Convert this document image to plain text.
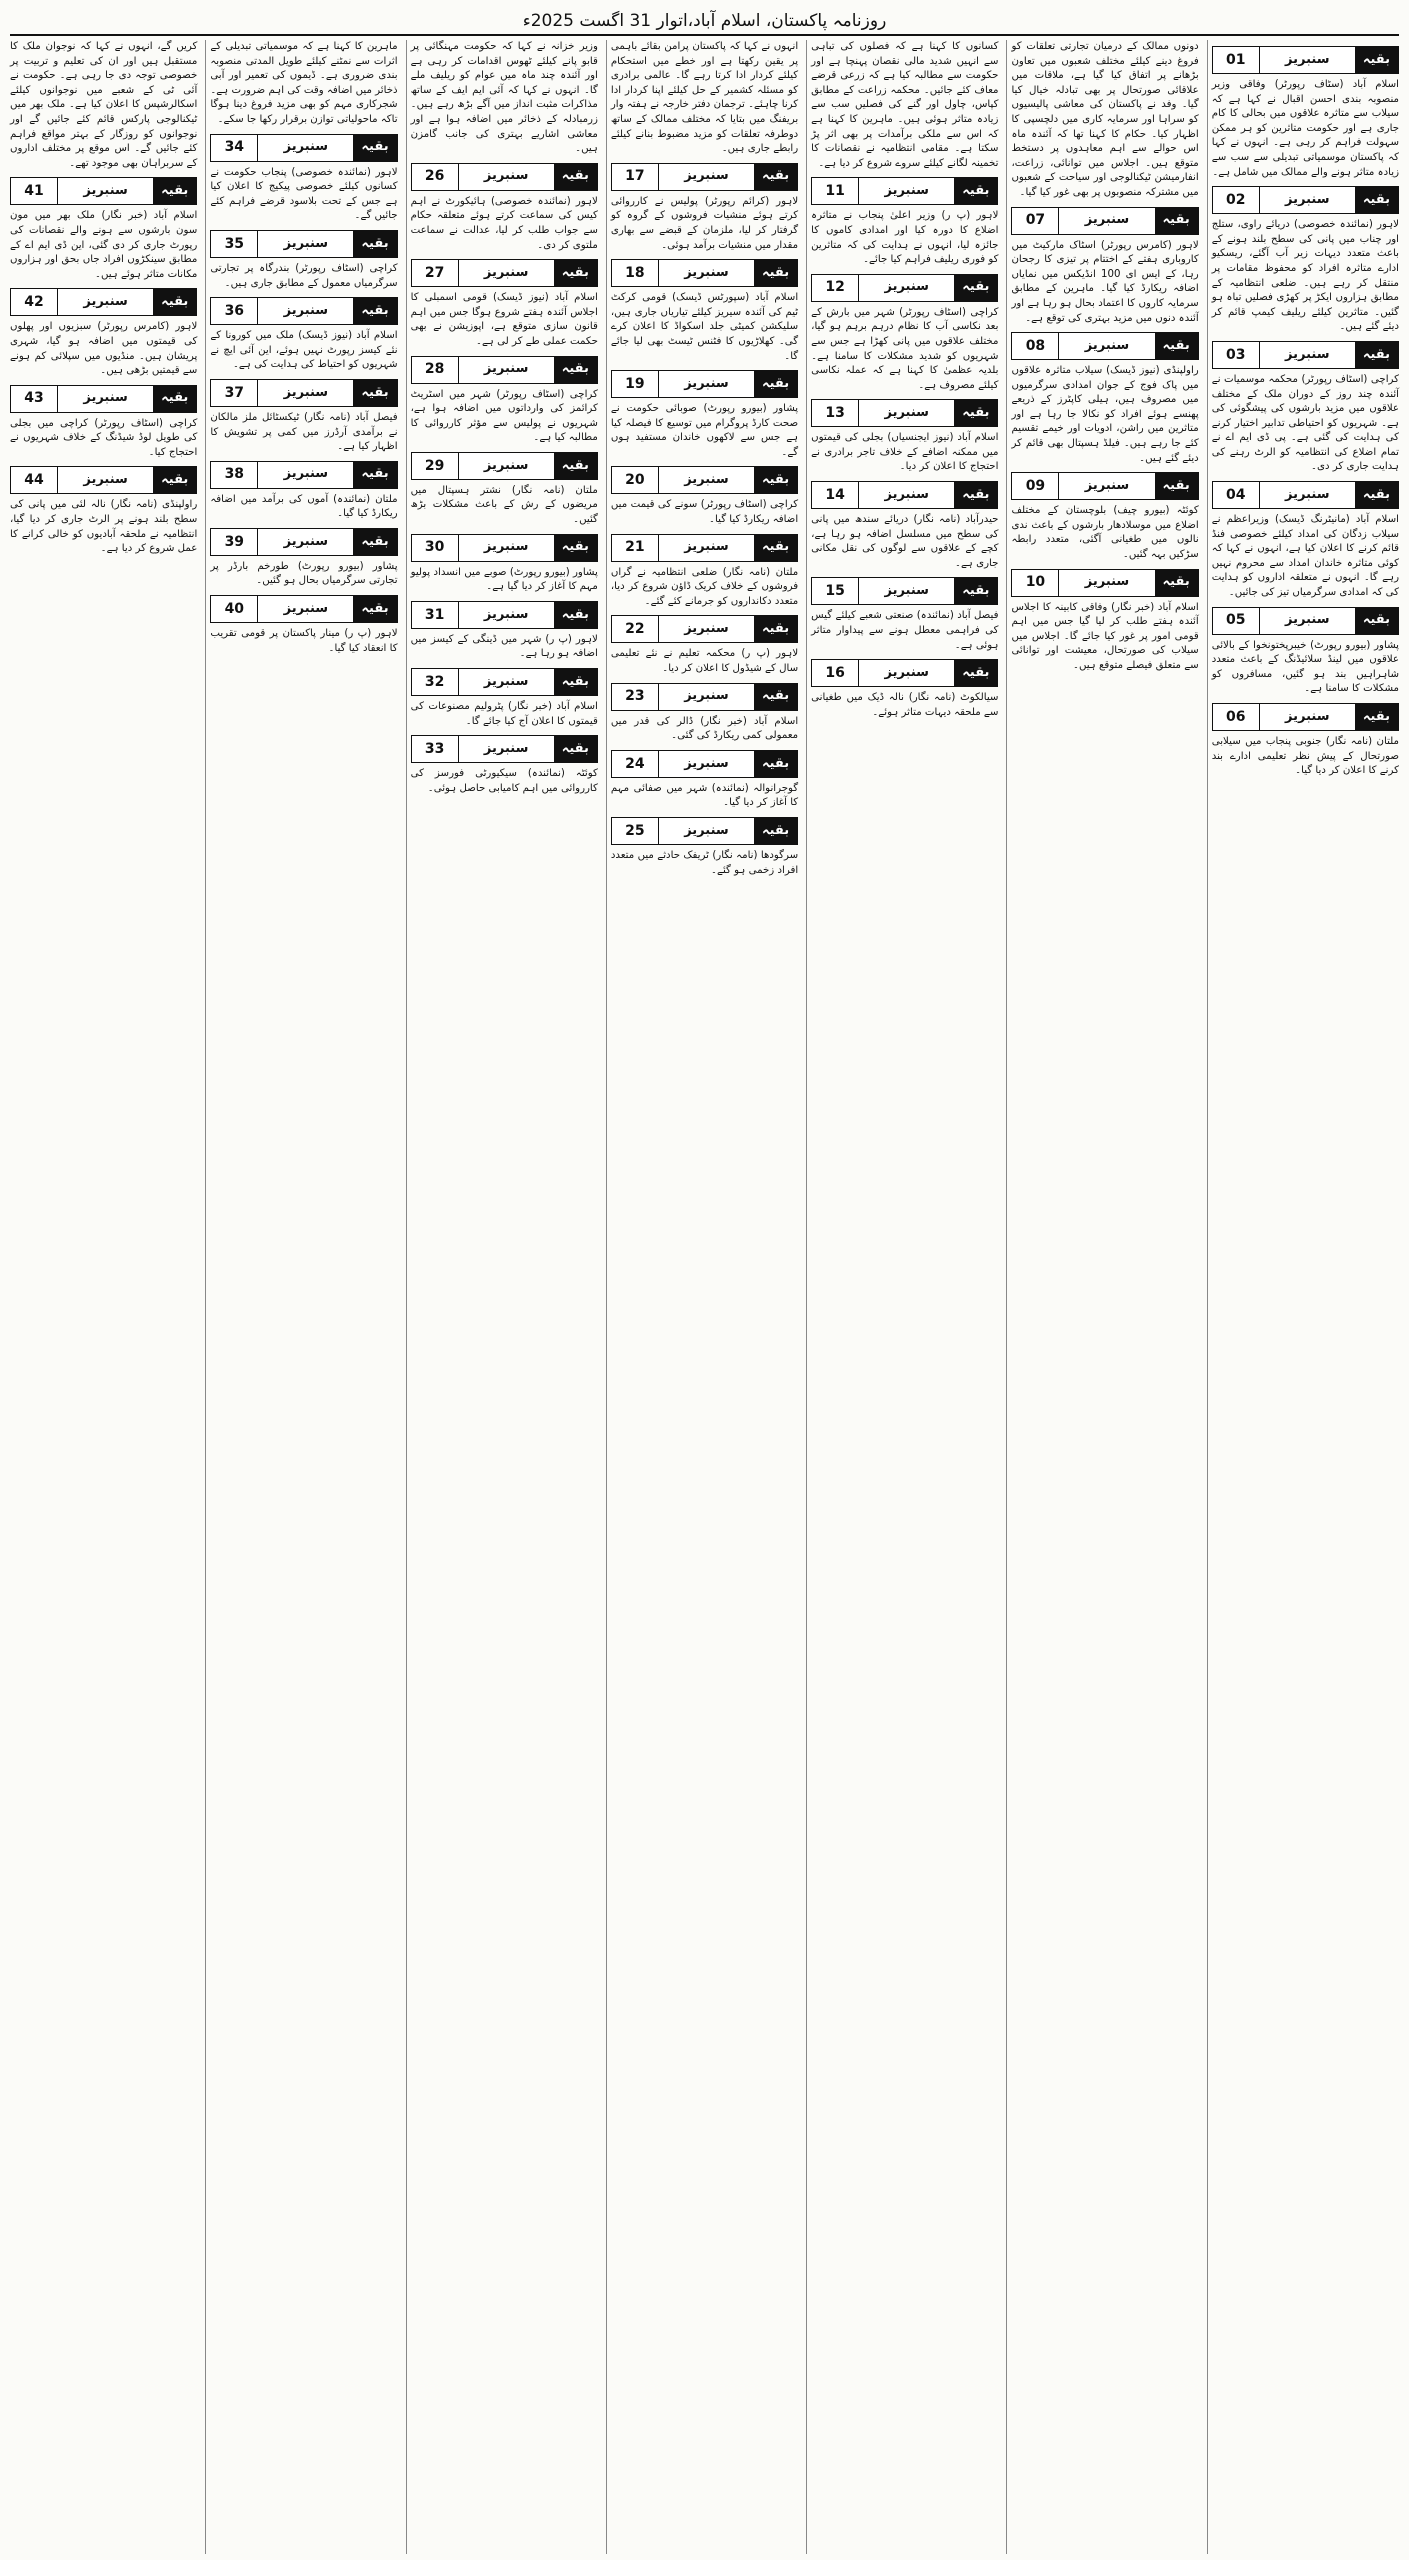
روزنامہ پاکستان، اسلام آباد،اتوار 31 اگست 2025ء
بقیہ
سنبریز
01

اسلام آباد (سٹاف رپورٹر) وفاقی وزیر منصوبہ بندی احسن اقبال نے کہا ہے کہ سیلاب سے متاثرہ علاقوں میں بحالی کا کام جاری ہے اور حکومت متاثرین کو ہر ممکن سہولت فراہم کر رہی ہے۔ انہوں نے کہا کہ پاکستان موسمیاتی تبدیلی سے سب سے زیادہ متاثر ہونے والے ممالک میں شامل ہے۔

بقیہ
سنبریز
02

لاہور (نمائندہ خصوصی) دریائے راوی، ستلج اور چناب میں پانی کی سطح بلند ہونے کے باعث متعدد دیہات زیر آب آگئے، ریسکیو ادارے متاثرہ افراد کو محفوظ مقامات پر منتقل کر رہے ہیں۔ ضلعی انتظامیہ کے مطابق ہزاروں ایکڑ پر کھڑی فصلیں تباہ ہو گئیں۔ متاثرین کیلئے ریلیف کیمپ قائم کر دیئے گئے ہیں۔

بقیہ
سنبریز
03

کراچی (اسٹاف رپورٹر) محکمہ موسمیات نے آئندہ چند روز کے دوران ملک کے مختلف علاقوں میں مزید بارشوں کی پیشگوئی کی ہے۔ شہریوں کو احتیاطی تدابیر اختیار کرنے کی ہدایت کی گئی ہے۔ پی ڈی ایم اے نے تمام اضلاع کی انتظامیہ کو الرٹ رہنے کی ہدایت جاری کر دی۔

بقیہ
سنبریز
04

اسلام آباد (مانیٹرنگ ڈیسک) وزیراعظم نے سیلاب زدگان کی امداد کیلئے خصوصی فنڈ قائم کرنے کا اعلان کیا ہے، انہوں نے کہا کہ کوئی متاثرہ خاندان امداد سے محروم نہیں رہے گا۔ انہوں نے متعلقہ اداروں کو ہدایت کی کہ امدادی سرگرمیاں تیز کی جائیں۔

بقیہ
سنبریز
05

پشاور (بیورو رپورٹ) خیبرپختونخوا کے بالائی علاقوں میں لینڈ سلائیڈنگ کے باعث متعدد شاہراہیں بند ہو گئیں، مسافروں کو مشکلات کا سامنا ہے۔

بقیہ
سنبریز
06

ملتان (نامہ نگار) جنوبی پنجاب میں سیلابی صورتحال کے پیش نظر تعلیمی ادارے بند کرنے کا اعلان کر دیا گیا۔

دونوں ممالک کے درمیان تجارتی تعلقات کو فروغ دینے کیلئے مختلف شعبوں میں تعاون بڑھانے پر اتفاق کیا گیا ہے، ملاقات میں علاقائی صورتحال پر بھی تبادلہ خیال کیا گیا۔ وفد نے پاکستان کی معاشی پالیسیوں کو سراہا اور سرمایہ کاری میں دلچسپی کا اظہار کیا۔ حکام کا کہنا تھا کہ آئندہ ماہ اس حوالے سے اہم معاہدوں پر دستخط متوقع ہیں۔ اجلاس میں توانائی، زراعت، انفارمیشن ٹیکنالوجی اور سیاحت کے شعبوں میں مشترکہ منصوبوں پر بھی غور کیا گیا۔

بقیہ
سنبریز
07

لاہور (کامرس رپورٹر) اسٹاک مارکیٹ میں کاروباری ہفتے کے اختتام پر تیزی کا رجحان رہا، کے ایس ای 100 انڈیکس میں نمایاں اضافہ ریکارڈ کیا گیا۔ ماہرین کے مطابق سرمایہ کاروں کا اعتماد بحال ہو رہا ہے اور آئندہ دنوں میں مزید بہتری کی توقع ہے۔

بقیہ
سنبریز
08

راولپنڈی (نیوز ڈیسک) سیلاب متاثرہ علاقوں میں پاک فوج کے جوان امدادی سرگرمیوں میں مصروف ہیں، ہیلی کاپٹرز کے ذریعے پھنسے ہوئے افراد کو نکالا جا رہا ہے اور متاثرین میں راشن، ادویات اور خیمے تقسیم کئے جا رہے ہیں۔ فیلڈ ہسپتال بھی قائم کر دیئے گئے ہیں۔

بقیہ
سنبریز
09

کوئٹہ (بیورو چیف) بلوچستان کے مختلف اضلاع میں موسلادھار بارشوں کے باعث ندی نالوں میں طغیانی آگئی، متعدد رابطہ سڑکیں بہہ گئیں۔

بقیہ
سنبریز
10

اسلام آباد (خبر نگار) وفاقی کابینہ کا اجلاس آئندہ ہفتے طلب کر لیا گیا جس میں اہم قومی امور پر غور کیا جائے گا۔ اجلاس میں سیلاب کی صورتحال، معیشت اور توانائی سے متعلق فیصلے متوقع ہیں۔

کسانوں کا کہنا ہے کہ فصلوں کی تباہی سے انہیں شدید مالی نقصان پہنچا ہے اور حکومت سے مطالبہ کیا ہے کہ زرعی قرضے معاف کئے جائیں۔ محکمہ زراعت کے مطابق کپاس، چاول اور گنے کی فصلیں سب سے زیادہ متاثر ہوئی ہیں۔ ماہرین کا کہنا ہے کہ اس سے ملکی برآمدات پر بھی اثر پڑ سکتا ہے۔ مقامی انتظامیہ نے نقصانات کا تخمینہ لگانے کیلئے سروے شروع کر دیا ہے۔

بقیہ
سنبریز
11

لاہور (پ ر) وزیر اعلیٰ پنجاب نے متاثرہ اضلاع کا دورہ کیا اور امدادی کاموں کا جائزہ لیا، انہوں نے ہدایت کی کہ متاثرین کو فوری ریلیف فراہم کیا جائے۔

بقیہ
سنبریز
12

کراچی (اسٹاف رپورٹر) شہر میں بارش کے بعد نکاسی آب کا نظام درہم برہم ہو گیا، مختلف علاقوں میں پانی کھڑا ہے جس سے شہریوں کو شدید مشکلات کا سامنا ہے۔ بلدیہ عظمیٰ کا کہنا ہے کہ عملہ نکاسی کیلئے مصروف ہے۔

بقیہ
سنبریز
13

اسلام آباد (نیوز ایجنسیاں) بجلی کی قیمتوں میں ممکنہ اضافے کے خلاف تاجر برادری نے احتجاج کا اعلان کر دیا۔

بقیہ
سنبریز
14

حیدرآباد (نامہ نگار) دریائے سندھ میں پانی کی سطح میں مسلسل اضافہ ہو رہا ہے، کچے کے علاقوں سے لوگوں کی نقل مکانی جاری ہے۔

بقیہ
سنبریز
15

فیصل آباد (نمائندہ) صنعتی شعبے کیلئے گیس کی فراہمی معطل ہونے سے پیداوار متاثر ہوئی ہے۔

بقیہ
سنبریز
16

سیالکوٹ (نامہ نگار) نالہ ڈیک میں طغیانی سے ملحقہ دیہات متاثر ہوئے۔

انہوں نے کہا کہ پاکستان پرامن بقائے باہمی پر یقین رکھتا ہے اور خطے میں استحکام کیلئے کردار ادا کرتا رہے گا۔ عالمی برادری کو مسئلہ کشمیر کے حل کیلئے اپنا کردار ادا کرنا چاہئے۔ ترجمان دفتر خارجہ نے ہفتہ وار بریفنگ میں بتایا کہ مختلف ممالک کے ساتھ دوطرفہ تعلقات کو مزید مضبوط بنانے کیلئے رابطے جاری ہیں۔

بقیہ
سنبریز
17

لاہور (کرائم رپورٹر) پولیس نے کارروائی کرتے ہوئے منشیات فروشوں کے گروہ کو گرفتار کر لیا، ملزمان کے قبضے سے بھاری مقدار میں منشیات برآمد ہوئی۔

بقیہ
سنبریز
18

اسلام آباد (سپورٹس ڈیسک) قومی کرکٹ ٹیم کی آئندہ سیریز کیلئے تیاریاں جاری ہیں، سلیکشن کمیٹی جلد اسکواڈ کا اعلان کرے گی۔ کھلاڑیوں کا فٹنس ٹیسٹ بھی لیا جائے گا۔

بقیہ
سنبریز
19

پشاور (بیورو رپورٹ) صوبائی حکومت نے صحت کارڈ پروگرام میں توسیع کا فیصلہ کیا ہے جس سے لاکھوں خاندان مستفید ہوں گے۔

بقیہ
سنبریز
20

کراچی (اسٹاف رپورٹر) سونے کی قیمت میں اضافہ ریکارڈ کیا گیا۔

بقیہ
سنبریز
21

ملتان (نامہ نگار) ضلعی انتظامیہ نے گراں فروشوں کے خلاف کریک ڈاؤن شروع کر دیا، متعدد دکانداروں کو جرمانے کئے گئے۔

بقیہ
سنبریز
22

لاہور (پ ر) محکمہ تعلیم نے نئے تعلیمی سال کے شیڈول کا اعلان کر دیا۔

بقیہ
سنبریز
23

اسلام آباد (خبر نگار) ڈالر کی قدر میں معمولی کمی ریکارڈ کی گئی۔

بقیہ
سنبریز
24

گوجرانوالہ (نمائندہ) شہر میں صفائی مہم کا آغاز کر دیا گیا۔

بقیہ
سنبریز
25

سرگودھا (نامہ نگار) ٹریفک حادثے میں متعدد افراد زخمی ہو گئے۔

وزیر خزانہ نے کہا کہ حکومت مہنگائی پر قابو پانے کیلئے ٹھوس اقدامات کر رہی ہے اور آئندہ چند ماہ میں عوام کو ریلیف ملے گا۔ انہوں نے کہا کہ آئی ایم ایف کے ساتھ مذاکرات مثبت انداز میں آگے بڑھ رہے ہیں۔ زرمبادلہ کے ذخائر میں اضافہ ہوا ہے اور معاشی اشاریے بہتری کی جانب گامزن ہیں۔

بقیہ
سنبریز
26

لاہور (نمائندہ خصوصی) ہائیکورٹ نے اہم کیس کی سماعت کرتے ہوئے متعلقہ حکام سے جواب طلب کر لیا، عدالت نے سماعت ملتوی کر دی۔

بقیہ
سنبریز
27

اسلام آباد (نیوز ڈیسک) قومی اسمبلی کا اجلاس آئندہ ہفتے شروع ہوگا جس میں اہم قانون سازی متوقع ہے، اپوزیشن نے بھی حکمت عملی طے کر لی ہے۔

بقیہ
سنبریز
28

کراچی (اسٹاف رپورٹر) شہر میں اسٹریٹ کرائمز کی وارداتوں میں اضافہ ہوا ہے، شہریوں نے پولیس سے مؤثر کارروائی کا مطالبہ کیا ہے۔

بقیہ
سنبریز
29

ملتان (نامہ نگار) نشتر ہسپتال میں مریضوں کے رش کے باعث مشکلات بڑھ گئیں۔

بقیہ
سنبریز
30

پشاور (بیورو رپورٹ) صوبے میں انسداد پولیو مہم کا آغاز کر دیا گیا ہے۔

بقیہ
سنبریز
31

لاہور (پ ر) شہر میں ڈینگی کے کیسز میں اضافہ ہو رہا ہے۔

بقیہ
سنبریز
32

اسلام آباد (خبر نگار) پٹرولیم مصنوعات کی قیمتوں کا اعلان آج کیا جائے گا۔

بقیہ
سنبریز
33

کوئٹہ (نمائندہ) سیکیورٹی فورسز کی کارروائی میں اہم کامیابی حاصل ہوئی۔

ماہرین کا کہنا ہے کہ موسمیاتی تبدیلی کے اثرات سے نمٹنے کیلئے طویل المدتی منصوبہ بندی ضروری ہے۔ ڈیموں کی تعمیر اور آبی ذخائر میں اضافہ وقت کی اہم ضرورت ہے۔ شجرکاری مہم کو بھی مزید فروغ دینا ہوگا تاکہ ماحولیاتی توازن برقرار رکھا جا سکے۔

بقیہ
سنبریز
34

لاہور (نمائندہ خصوصی) پنجاب حکومت نے کسانوں کیلئے خصوصی پیکیج کا اعلان کیا ہے جس کے تحت بلاسود قرضے فراہم کئے جائیں گے۔

بقیہ
سنبریز
35

کراچی (اسٹاف رپورٹر) بندرگاہ پر تجارتی سرگرمیاں معمول کے مطابق جاری ہیں۔

بقیہ
سنبریز
36

اسلام آباد (نیوز ڈیسک) ملک میں کورونا کے نئے کیسز رپورٹ نہیں ہوئے، این آئی ایچ نے شہریوں کو احتیاط کی ہدایت کی ہے۔

بقیہ
سنبریز
37

فیصل آباد (نامہ نگار) ٹیکسٹائل ملز مالکان نے برآمدی آرڈرز میں کمی پر تشویش کا اظہار کیا ہے۔

بقیہ
سنبریز
38

ملتان (نمائندہ) آموں کی برآمد میں اضافہ ریکارڈ کیا گیا۔

بقیہ
سنبریز
39

پشاور (بیورو رپورٹ) طورخم بارڈر پر تجارتی سرگرمیاں بحال ہو گئیں۔

بقیہ
سنبریز
40

لاہور (پ ر) مینار پاکستان پر قومی تقریب کا انعقاد کیا گیا۔

کریں گے، انہوں نے کہا کہ نوجوان ملک کا مستقبل ہیں اور ان کی تعلیم و تربیت پر خصوصی توجہ دی جا رہی ہے۔ حکومت نے آئی ٹی کے شعبے میں نوجوانوں کیلئے اسکالرشپس کا اعلان کیا ہے۔ ملک بھر میں ٹیکنالوجی پارکس قائم کئے جائیں گے اور نوجوانوں کو روزگار کے بہتر مواقع فراہم کئے جائیں گے۔ اس موقع پر مختلف اداروں کے سربراہان بھی موجود تھے۔

بقیہ
سنبریز
41

اسلام آباد (خبر نگار) ملک بھر میں مون سون بارشوں سے ہونے والے نقصانات کی رپورٹ جاری کر دی گئی، این ڈی ایم اے کے مطابق سینکڑوں افراد جاں بحق اور ہزاروں مکانات متاثر ہوئے ہیں۔

بقیہ
سنبریز
42

لاہور (کامرس رپورٹر) سبزیوں اور پھلوں کی قیمتوں میں اضافہ ہو گیا، شہری پریشان ہیں۔ منڈیوں میں سپلائی کم ہونے سے قیمتیں بڑھی ہیں۔

بقیہ
سنبریز
43

کراچی (اسٹاف رپورٹر) کراچی میں بجلی کی طویل لوڈ شیڈنگ کے خلاف شہریوں نے احتجاج کیا۔

بقیہ
سنبریز
44

راولپنڈی (نامہ نگار) نالہ لئی میں پانی کی سطح بلند ہونے پر الرٹ جاری کر دیا گیا، انتظامیہ نے ملحقہ آبادیوں کو خالی کرانے کا عمل شروع کر دیا ہے۔
